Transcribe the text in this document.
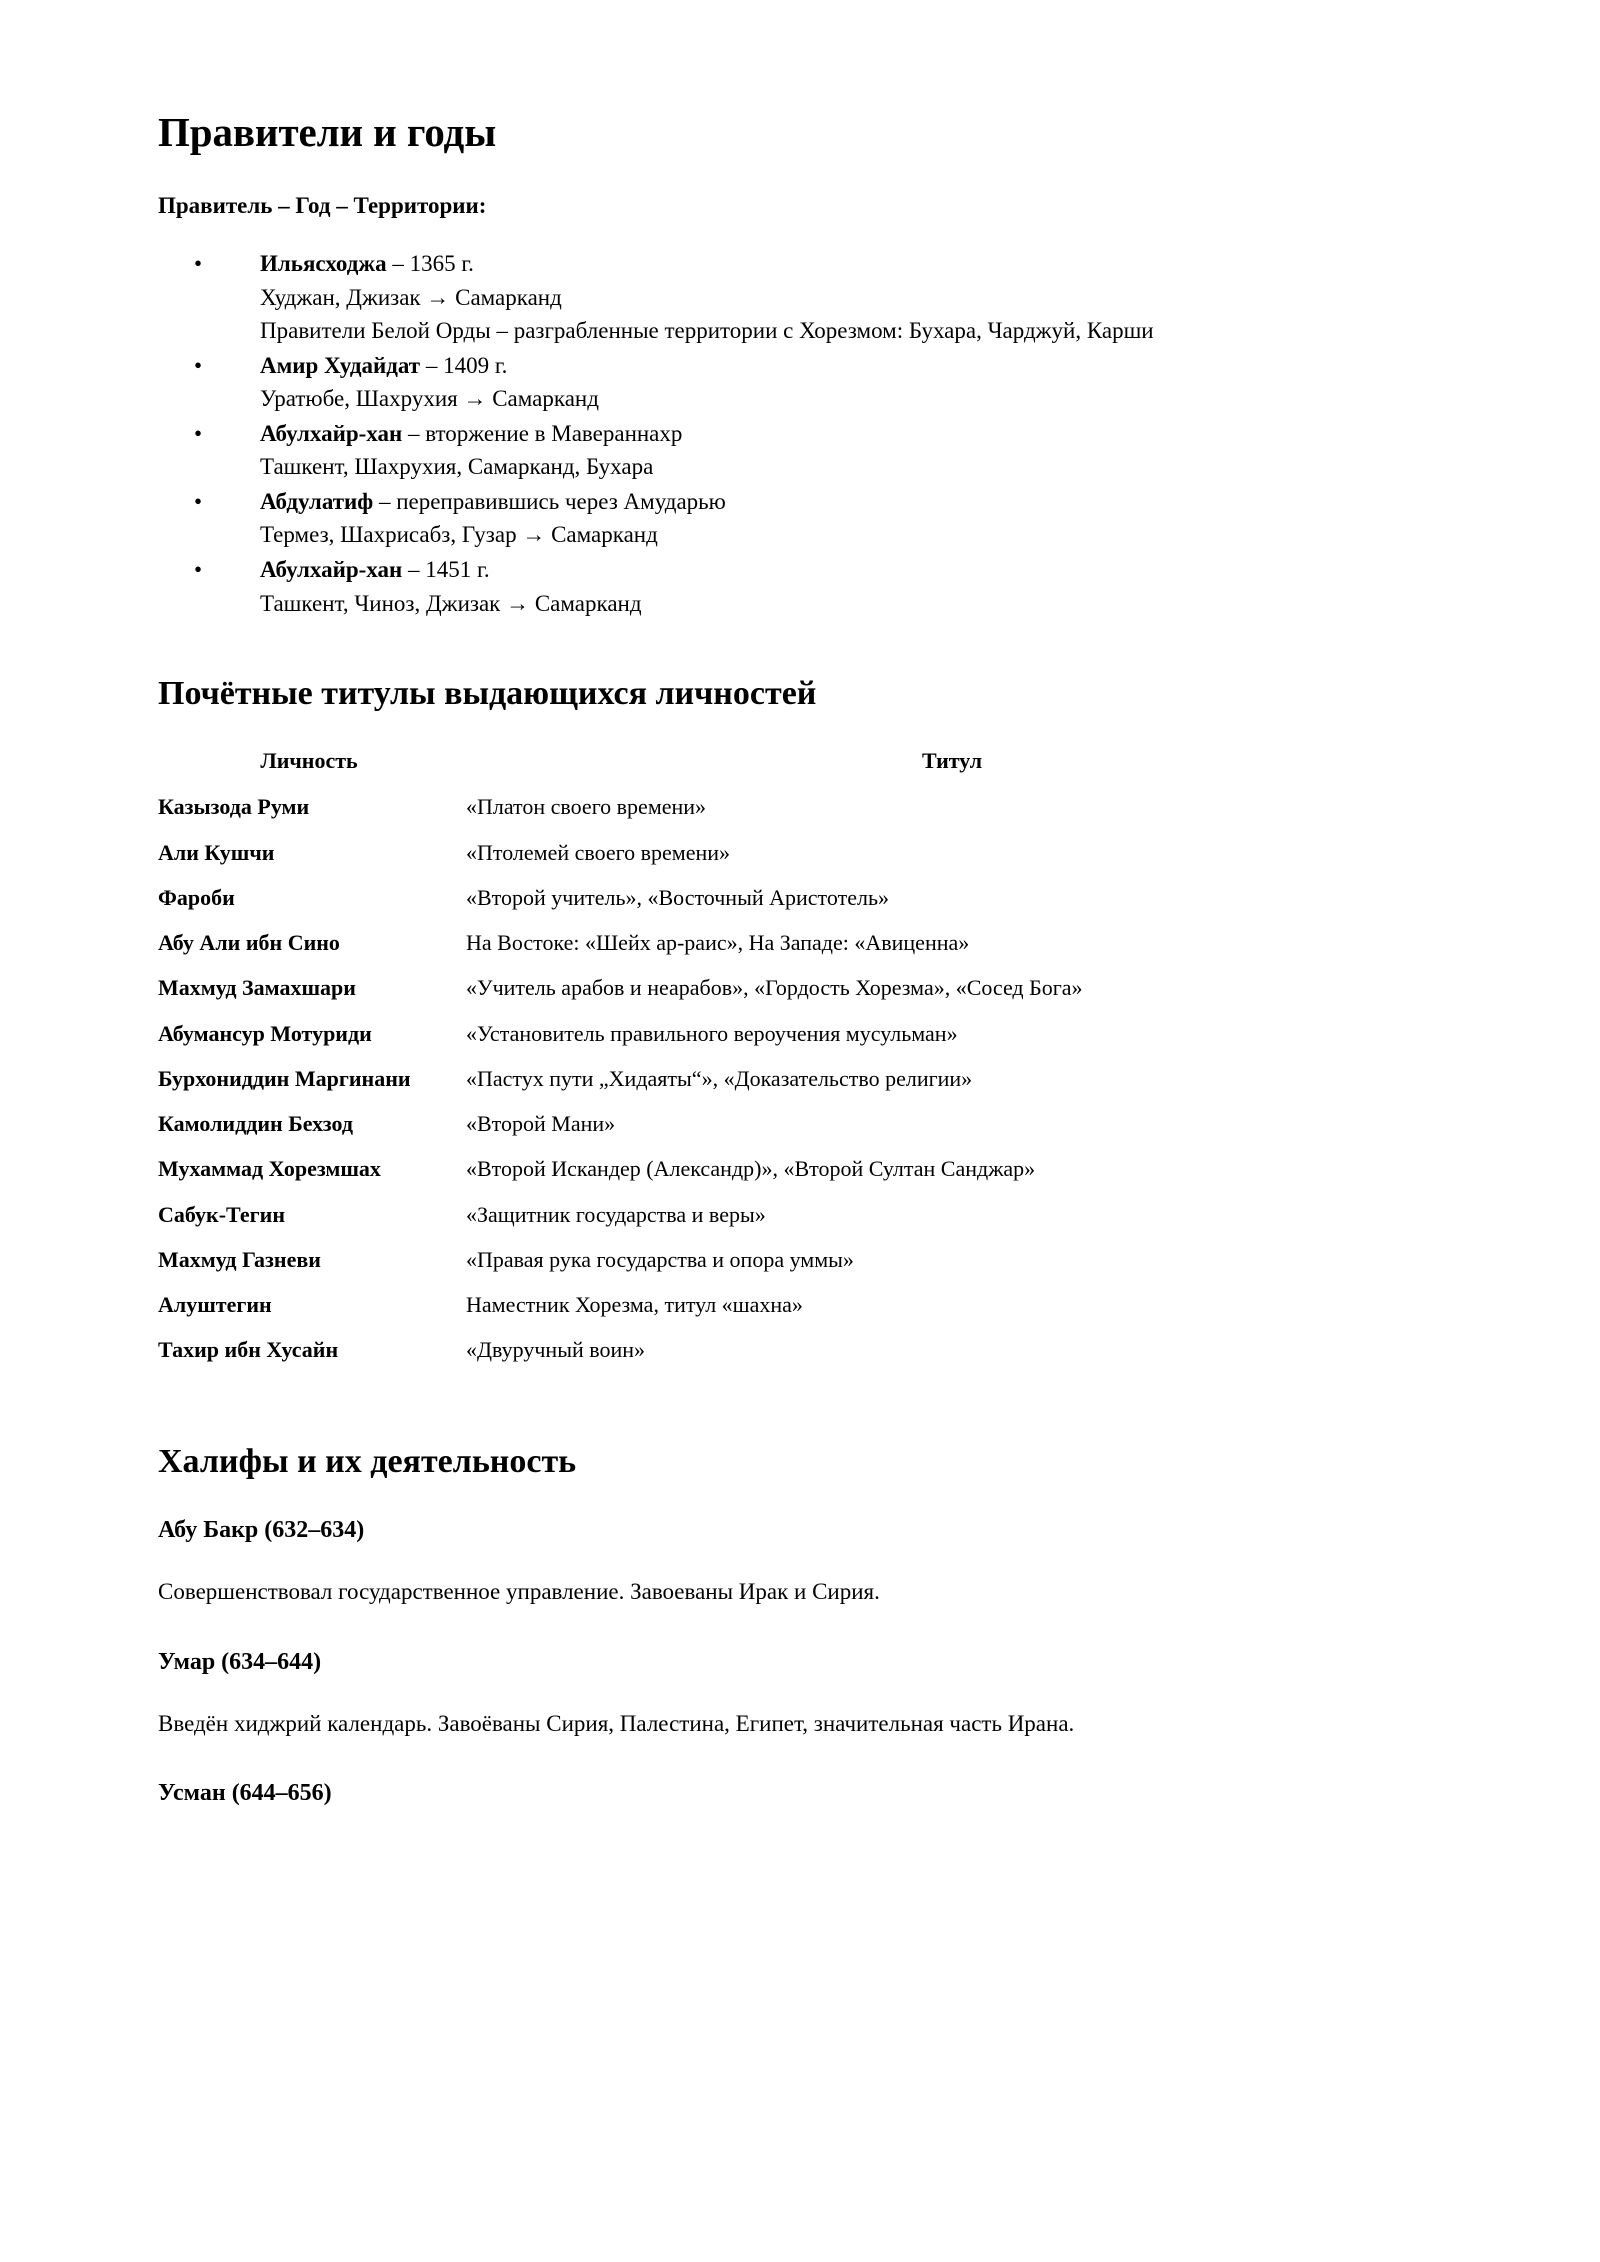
Правители и годы

Правитель – Год – Территории:

• Ильясходжа – 1365 г.
Худжан, Джизак → Самарканд
Правители Белой Орды – разграбленные территории с Хорезмом: Бухара, Чарджуй, Карши
• Амир Худайдат – 1409 г.
Уратюбе, Шахрухия → Самарканд
• Абулхайр-хан – вторжение в Мавераннахр
Ташкент, Шахрухия, Самарканд, Бухара
• Абдулатиф – переправившись через Амударью
Термез, Шахрисабз, Гузар → Самарканд
• Абулхайр-хан – 1451 г.
Ташкент, Чиноз, Джизак → Самарканд
Почётные титулы выдающихся личностей
Личность	Титул
Казызода Руми	«Платон своего времени»
Али Кушчи	«Птолемей своего времени»
Фароби	«Второй учитель», «Восточный Аристотель»
Абу Али ибн Сино	На Востоке: «Шейх ар-раис», На Западе: «Авиценна»
Махмуд Замахшари	«Учитель арабов и неарабов», «Гордость Хорезма», «Сосед Бога»
Абумансур Мотуриди	«Установитель правильного вероучения мусульман»
Бурхониддин Маргинани	«Пастух пути „Хидаяты“», «Доказательство религии»
Камолиддин Бехзод	«Второй Мани»
Мухаммад Хорезмшах	«Второй Искандер (Александр)», «Второй Султан Санджар»
Сабук-Тегин	«Защитник государства и веры»
Махмуд Газневи	«Правая рука государства и опора уммы»
Алуштегин	Наместник Хорезма, титул «шахна»
Тахир ибн Хусайн	«Двуручный воин»
Халифы и их деятельность
Абу Бакр (632–634)

Совершенствовал государственное управление. Завоеваны Ирак и Сирия.

Умар (634–644)

Введён хиджрий календарь. Завоёваны Сирия, Палестина, Египет, значительная часть Ирана.

Усман (644–656)
